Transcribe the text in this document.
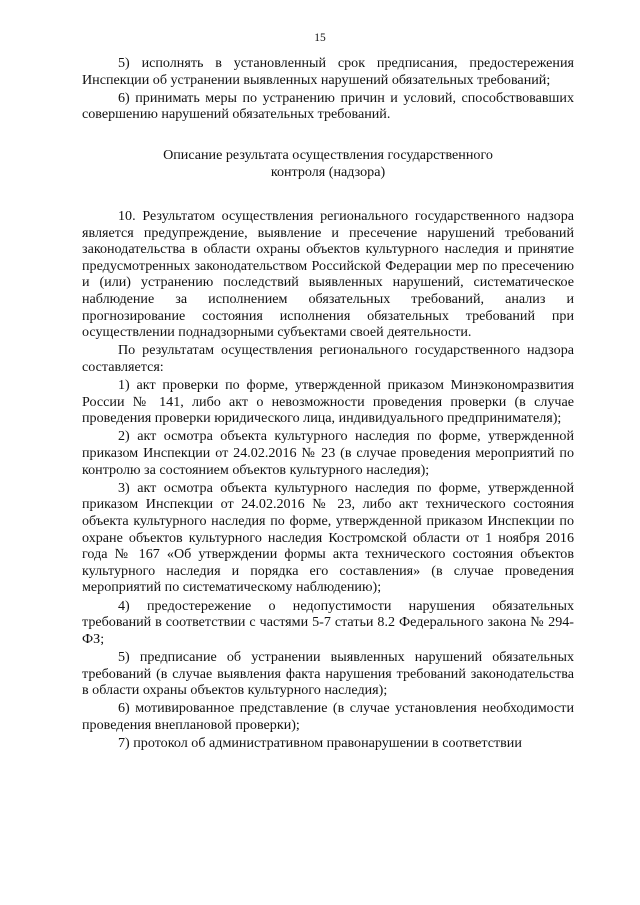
15

5) исполнять в установленный срок предписания, предостережения Инспекции об устранении выявленных нарушений обязательных требований;

6) принимать меры по устранению причин и условий, способствовавших совершению нарушений обязательных требований.

Описание результата осуществления государственного
контроля (надзора)

10. Результатом осуществления регионального государственного надзора является предупреждение, выявление и пресечение нарушений требований законодательства в области охраны объектов культурного наследия и принятие предусмотренных законодательством Российской Федерации мер по пресечению и (или) устранению последствий выявленных нарушений, систематическое наблюдение за исполнением обязательных требований, анализ и прогнозирование состояния исполнения обязательных требований при осуществлении поднадзорными субъектами своей деятельности.

По результатам осуществления регионального государственного надзора составляется:

1) акт проверки по форме, утвержденной приказом Минэкономразвития России № 141, либо акт о невозможности проведения проверки (в случае проведения проверки юридического лица, индивидуального предпринимателя);

2) акт осмотра объекта культурного наследия по форме, утвержденной приказом Инспекции от 24.02.2016 № 23 (в случае проведения мероприятий по контролю за состоянием объектов культурного наследия);

3) акт осмотра объекта культурного наследия по форме, утвержденной приказом Инспекции от 24.02.2016 № 23, либо акт технического состояния объекта культурного наследия по форме, утвержденной приказом Инспекции по охране объектов культурного наследия Костромской области от 1 ноября 2016 года № 167 «Об утверждении формы акта технического состояния объектов культурного наследия и порядка его составления» (в случае проведения мероприятий по систематическому наблюдению);

4) предостережение о недопустимости нарушения обязательных требований в соответствии с частями 5-7 статьи 8.2 Федерального закона № 294-ФЗ;

5) предписание об устранении выявленных нарушений обязательных требований (в случае выявления факта нарушения требований законодательства в области охраны объектов культурного наследия);

6) мотивированное представление (в случае установления необходимости проведения внеплановой проверки);

7) протокол об административном правонарушении в соответствии
